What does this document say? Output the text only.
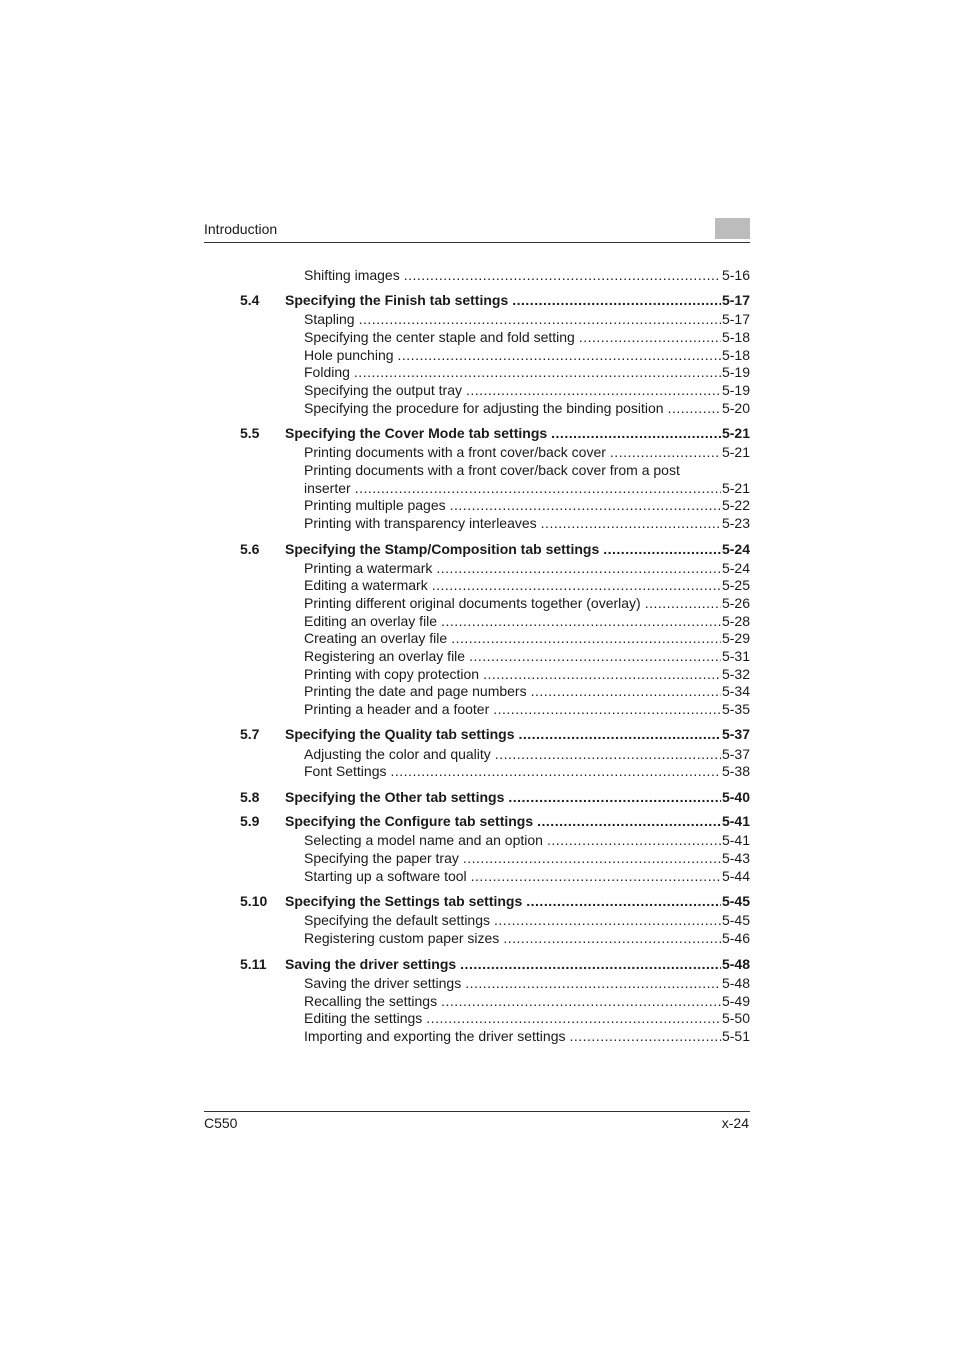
Introduction
Shifting images .....	5-16
5.4	Specifying the Finish tab settings .....	5-17
Stapling .....	5-17
Specifying the center staple and fold setting .....	5-18
Hole punching .....	5-18
Folding .....	5-19
Specifying the output tray .....	5-19
Specifying the procedure for adjusting the binding position .....	5-20
5.5	Specifying the Cover Mode tab settings .....	5-21
Printing documents with a front cover/back cover .....	5-21
Printing documents with a front cover/back cover from a post
inserter .....	5-21
Printing multiple pages .....	5-22
Printing with transparency interleaves .....	5-23
5.6	Specifying the Stamp/Composition tab settings .....	5-24
Printing a watermark .....	5-24
Editing a watermark .....	5-25
Printing different original documents together (overlay) .....	5-26
Editing an overlay file .....	5-28
Creating an overlay file .....	5-29
Registering an overlay file .....	5-31
Printing with copy protection .....	5-32
Printing the date and page numbers .....	5-34
Printing a header and a footer .....	5-35
5.7	Specifying the Quality tab settings .....	5-37
Adjusting the color and quality .....	5-37
Font Settings .....	5-38
5.8	Specifying the Other tab settings .....	5-40
5.9	Specifying the Configure tab settings .....	5-41
Selecting a model name and an option .....	5-41
Specifying the paper tray .....	5-43
Starting up a software tool .....	5-44
5.10	Specifying the Settings tab settings .....	5-45
Specifying the default settings .....	5-45
Registering custom paper sizes .....	5-46
5.11	Saving the driver settings .....	5-48
Saving the driver settings .....	5-48
Recalling the settings .....	5-49
Editing the settings .....	5-50
Importing and exporting the driver settings .....	5-51
C550	x-24
